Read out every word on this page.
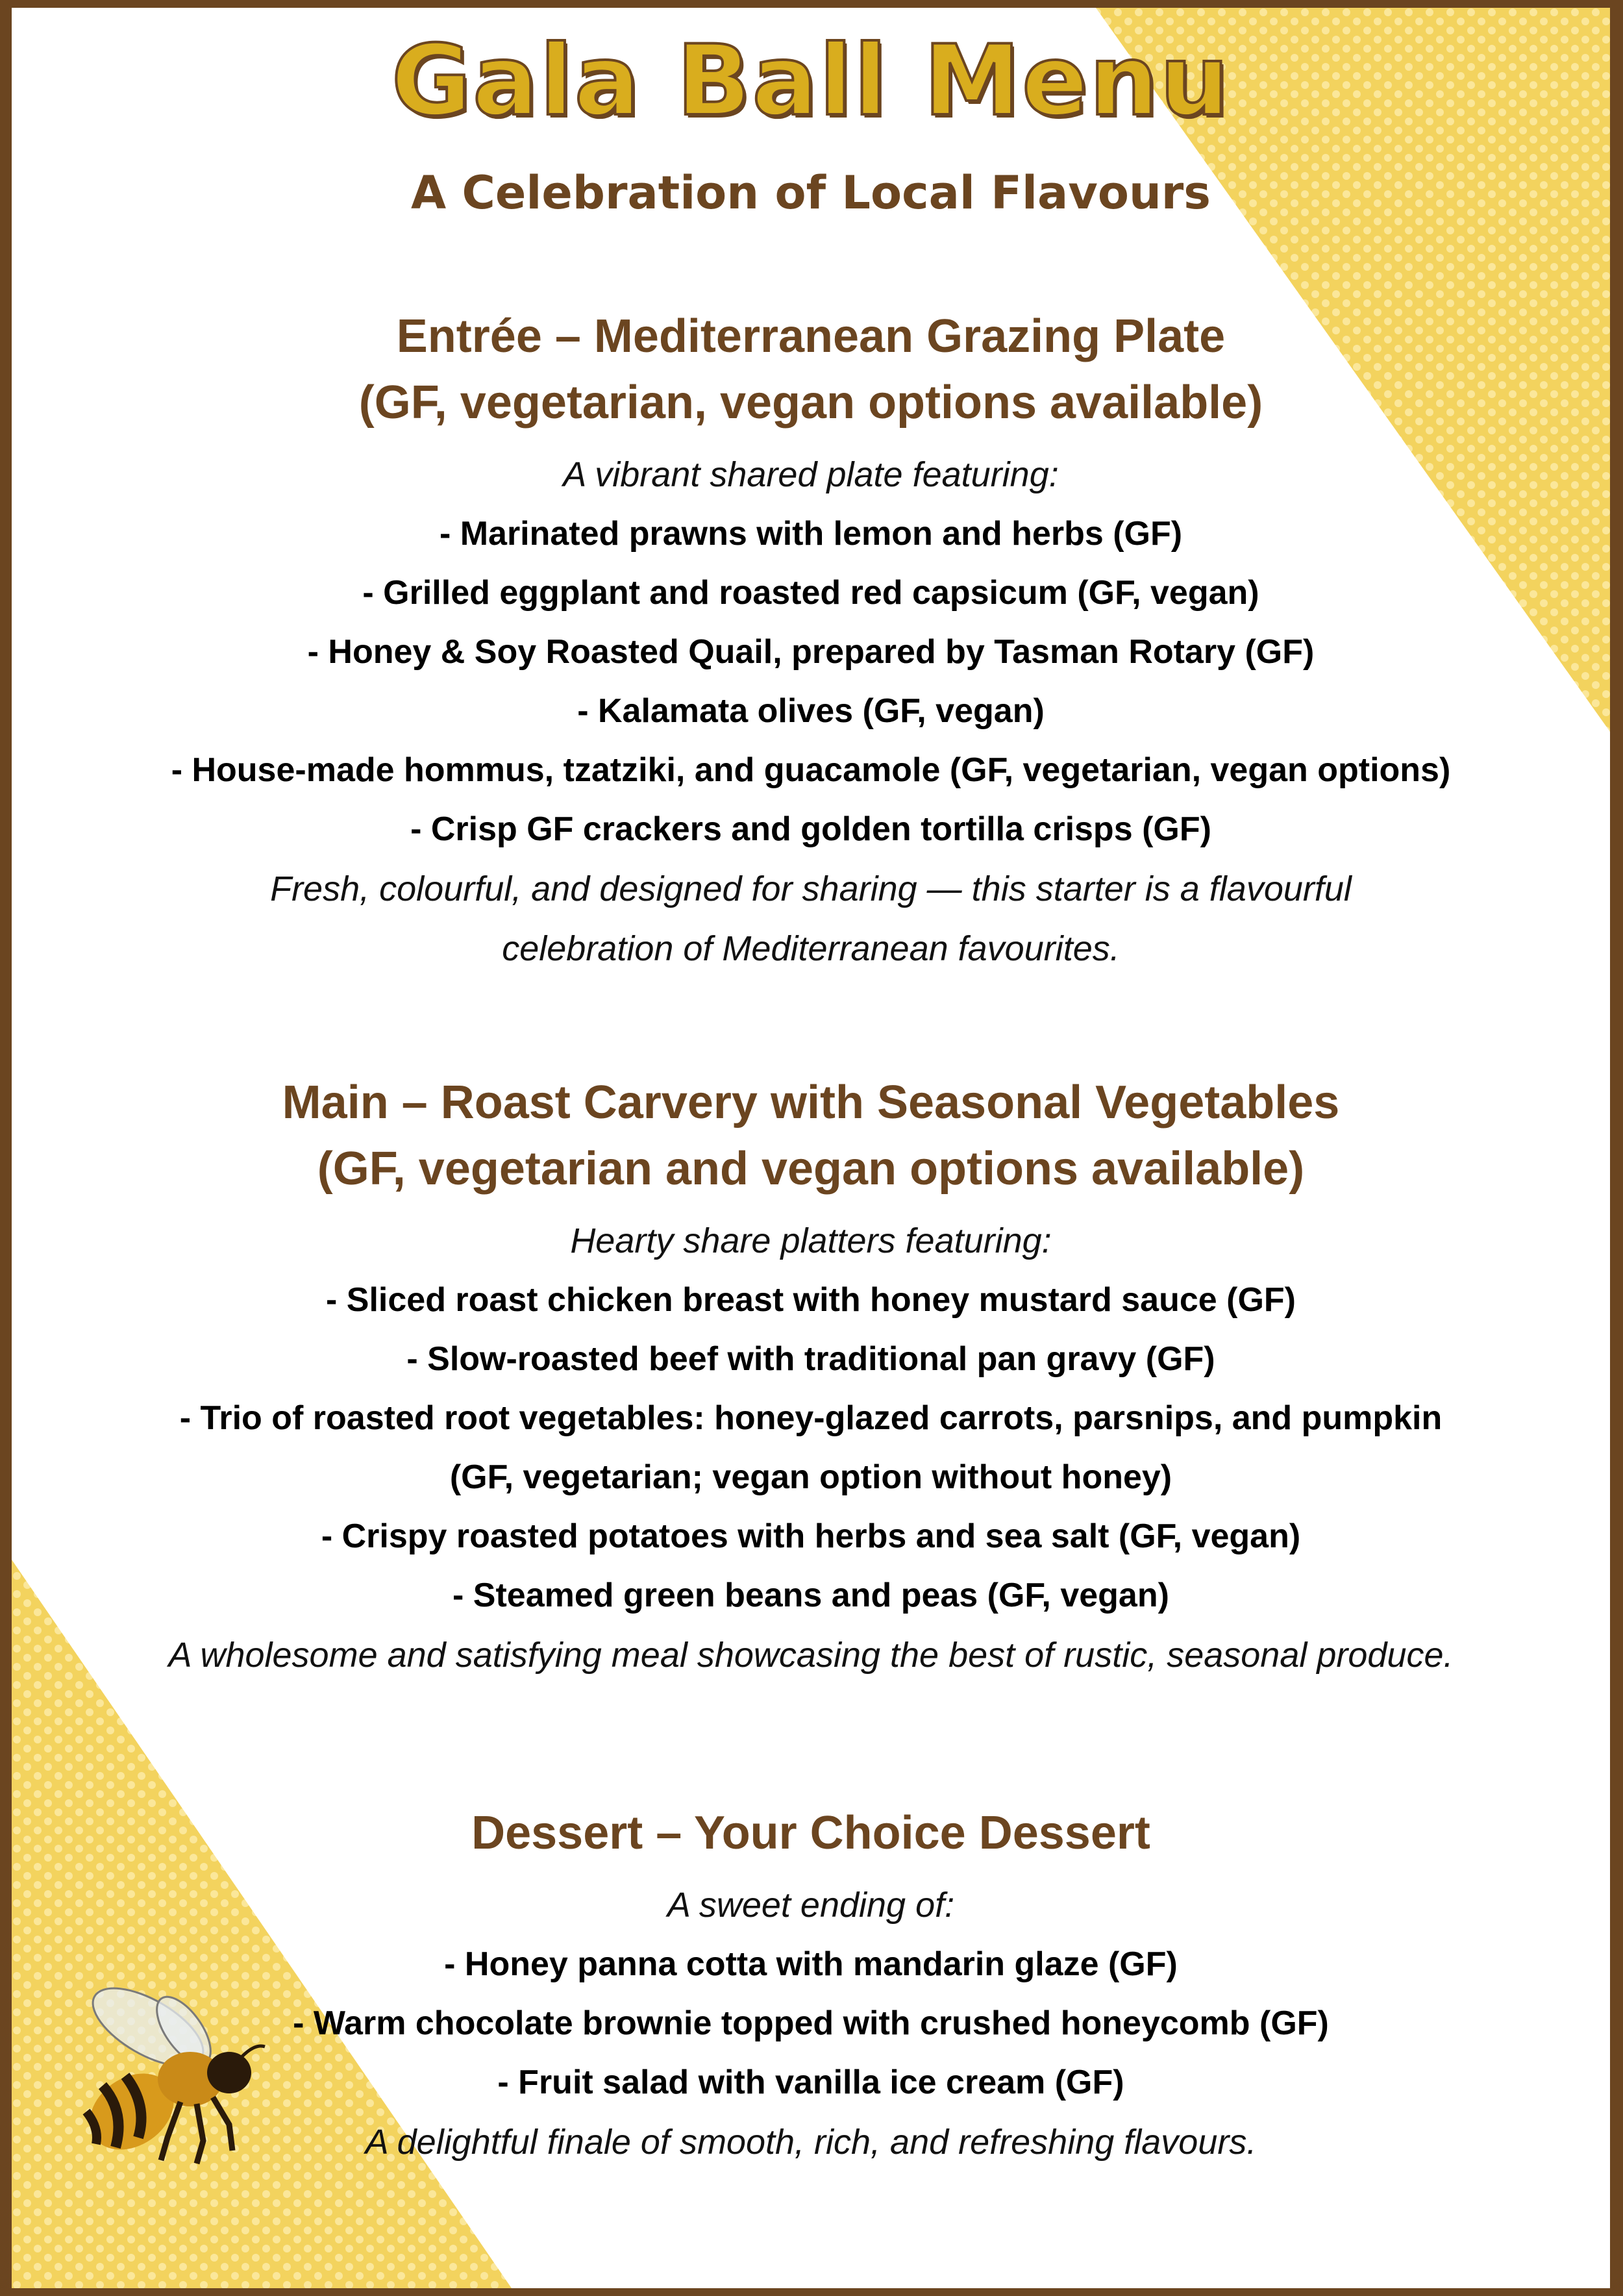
Gala Ball Menu
A Celebration of Local Flavours
Entrée – Mediterranean Grazing Plate
(GF, vegetarian, vegan options available)
A vibrant shared plate featuring:
- Marinated prawns with lemon and herbs (GF)
- Grilled eggplant and roasted red capsicum (GF, vegan)
- Honey & Soy Roasted Quail, prepared by Tasman Rotary (GF)
- Kalamata olives (GF, vegan)
- House-made hommus, tzatziki, and guacamole (GF, vegetarian, vegan options)
- Crisp GF crackers and golden tortilla crisps (GF)
Fresh, colourful, and designed for sharing — this starter is a flavourful
celebration of Mediterranean favourites.
Main – Roast Carvery with Seasonal Vegetables
(GF, vegetarian and vegan options available)
Hearty share platters featuring:
- Sliced roast chicken breast with honey mustard sauce (GF)
- Slow-roasted beef with traditional pan gravy (GF)
- Trio of roasted root vegetables: honey-glazed carrots, parsnips, and pumpkin
(GF, vegetarian; vegan option without honey)
- Crispy roasted potatoes with herbs and sea salt (GF, vegan)
- Steamed green beans and peas (GF, vegan)
A wholesome and satisfying meal showcasing the best of rustic, seasonal produce.
Dessert – Your Choice Dessert
A sweet ending of:
- Honey panna cotta with mandarin glaze (GF)
- Warm chocolate brownie topped with crushed honeycomb (GF)
- Fruit salad with vanilla ice cream (GF)
A delightful finale of smooth, rich, and refreshing flavours.
